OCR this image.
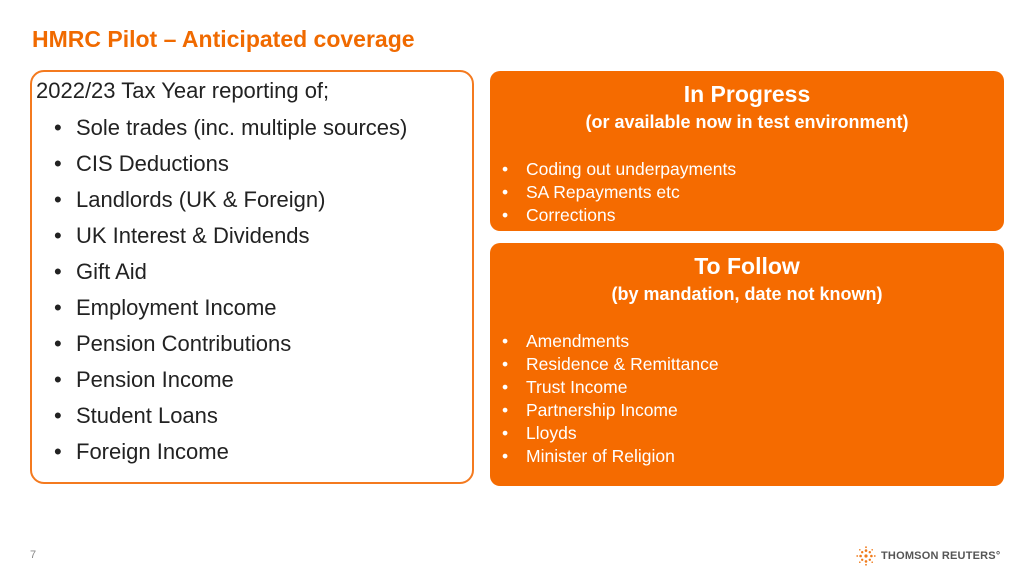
HMRC Pilot – Anticipated coverage
2022/23 Tax Year reporting of;
• Sole trades (inc. multiple sources)
• CIS Deductions
• Landlords (UK & Foreign)
• UK Interest & Dividends
• Gift Aid
• Employment Income
• Pension Contributions
• Pension Income
• Student Loans
• Foreign Income
In Progress
(or available now in test environment)
• Coding out underpayments
• SA Repayments etc
• Corrections
To Follow
(by mandation, date not known)
• Amendments
• Residence & Remittance
• Trust Income
• Partnership Income
• Lloyds
• Minister of Religion
7	THOMSON REUTERS°
